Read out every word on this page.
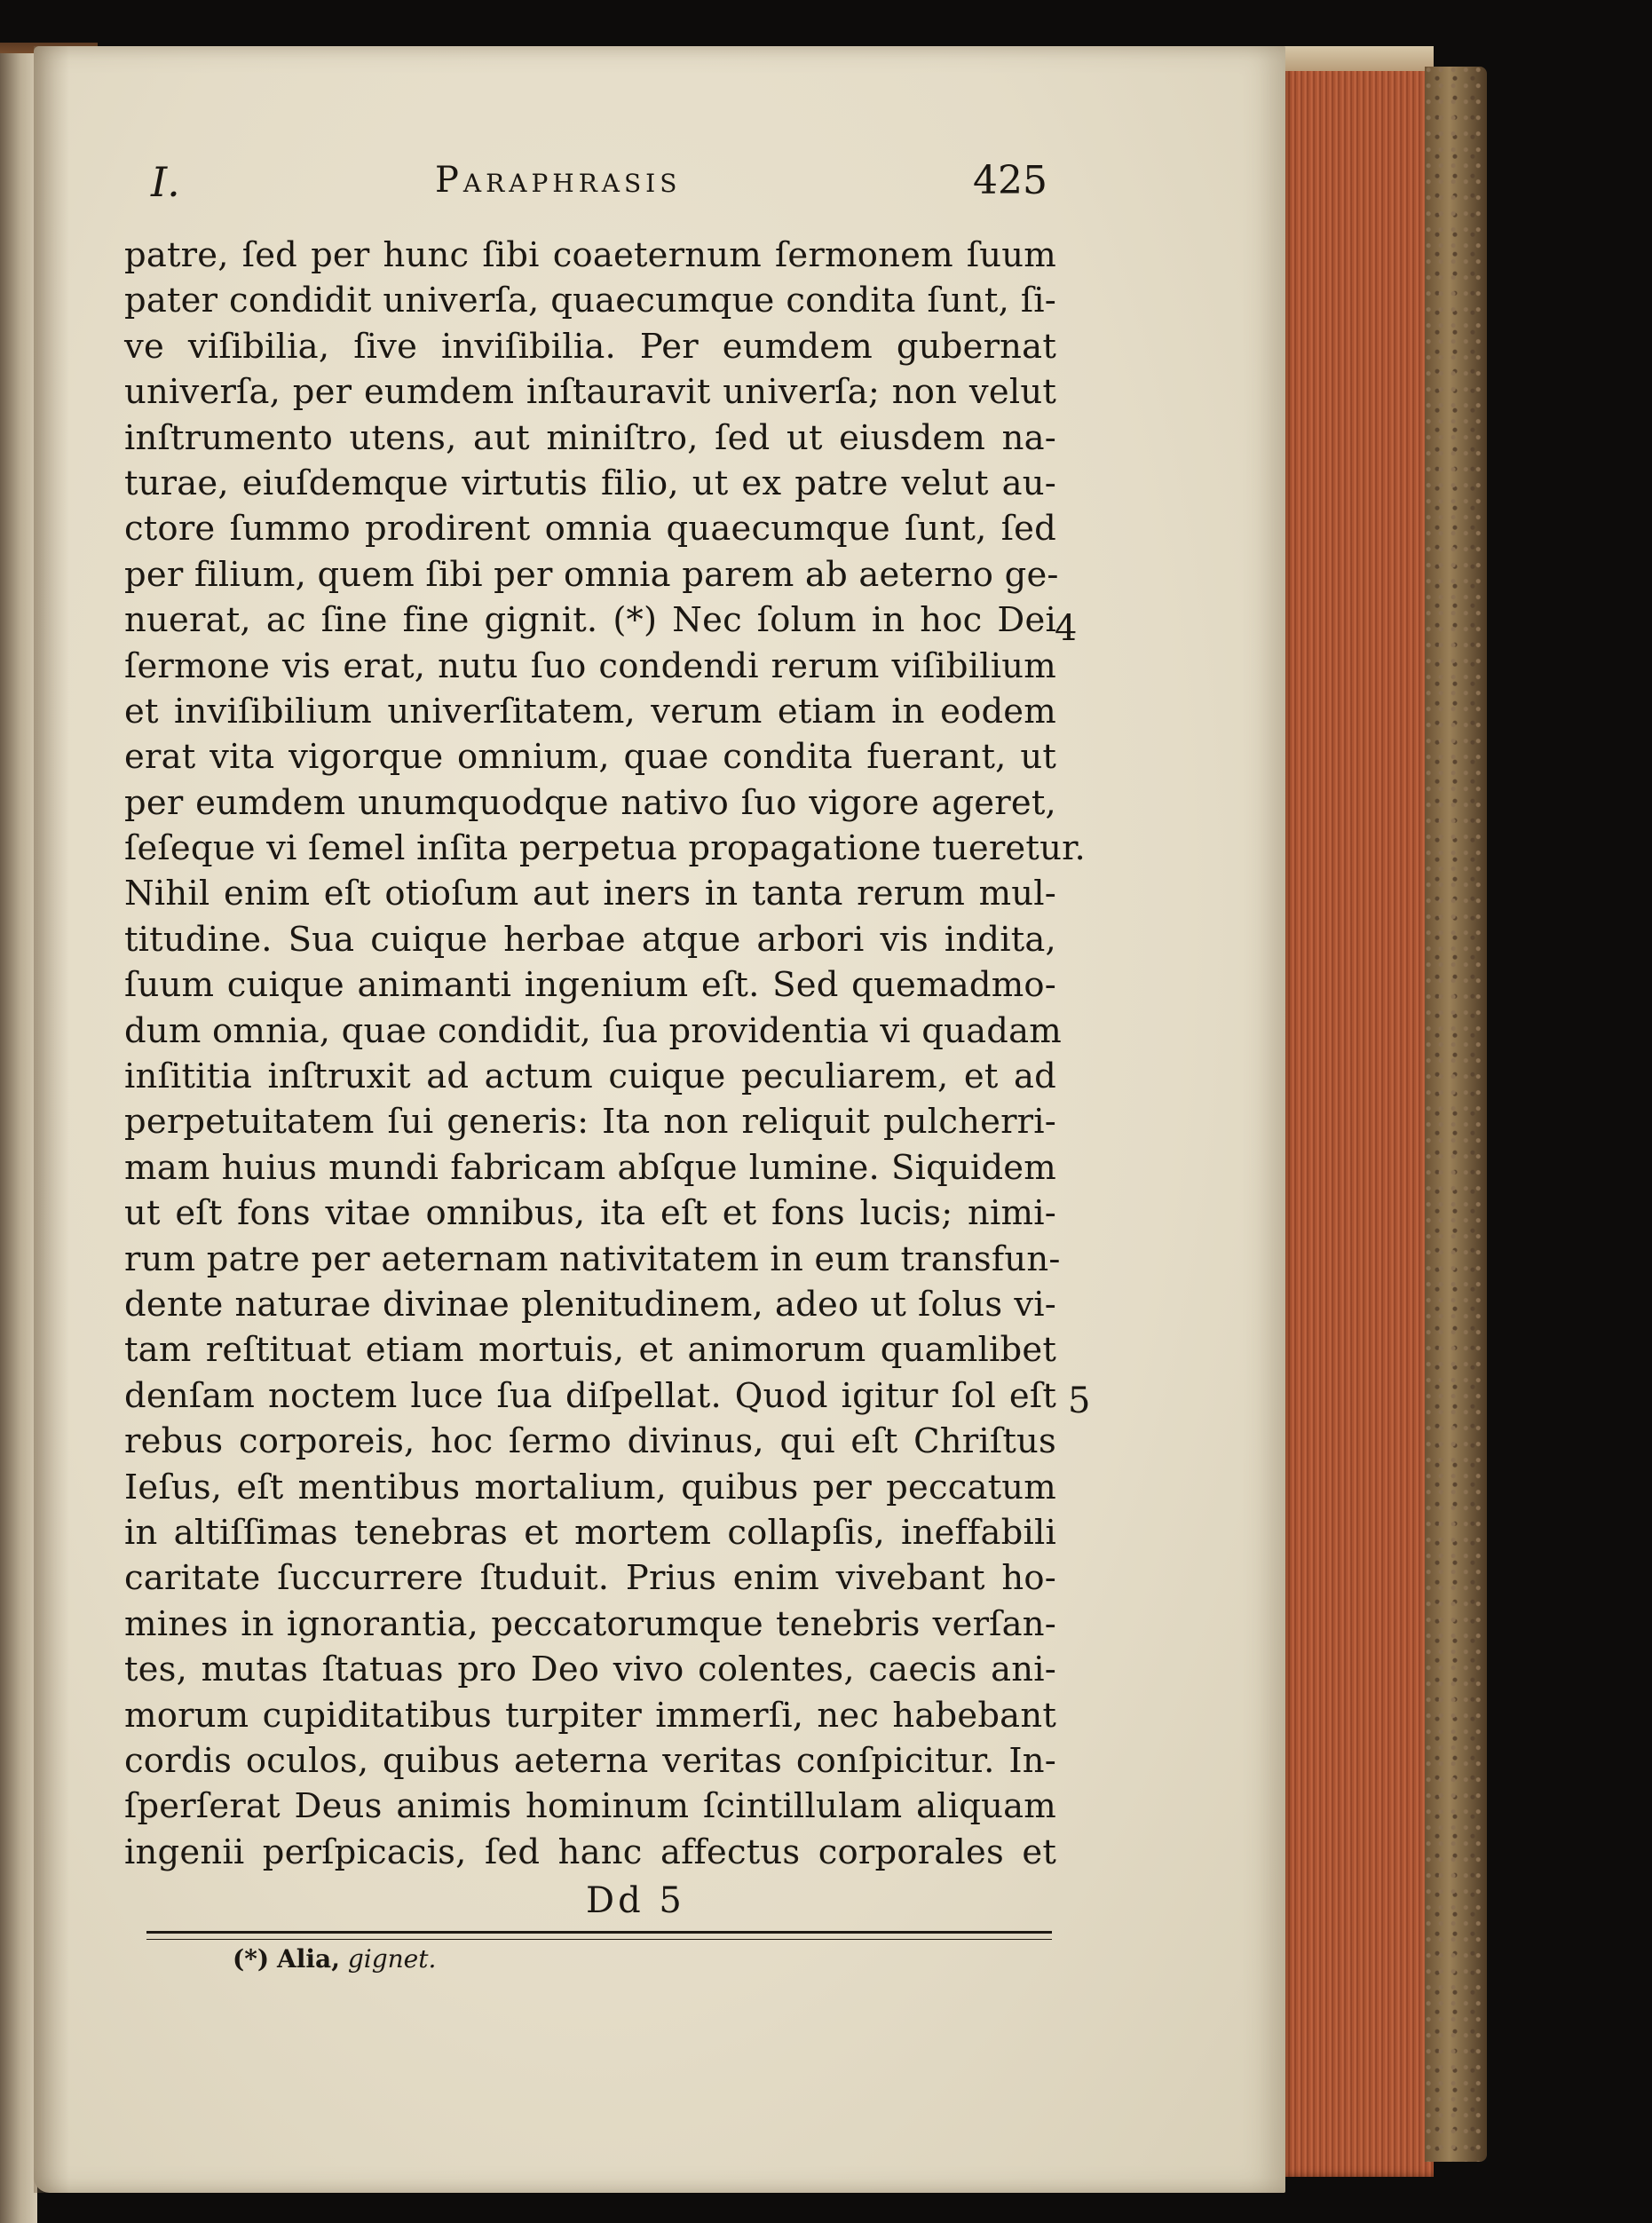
I.	Paraphrasis	425
patre, ſed per hunc ſibi coaeternum ſermonem ſuum
pater condidit univerſa, quaecumque condita ſunt, ſi-
ve viſibilia, ſive inviſibilia. Per eumdem gubernat
univerſa, per eumdem inſtauravit univerſa; non velut
inſtrumento utens, aut miniſtro, ſed ut eiusdem na-
turae, eiuſdemque virtutis filio, ut ex patre velut au-
ctore ſummo prodirent omnia quaecumque ſunt, ſed
per filium, quem ſibi per omnia parem ab aeterno ge-
nuerat, ac ſine fine gignit. (*) Nec ſolum in hoc Dei
ſermone vis erat, nutu ſuo condendi rerum viſibilium
et inviſibilium univerſitatem, verum etiam in eodem
erat vita vigorque omnium, quae condita fuerant, ut
per eumdem unumquodque nativo ſuo vigore ageret,
ſeſeque vi ſemel inſita perpetua propagatione tueretur.
Nihil enim eſt otioſum aut iners in tanta rerum mul-
titudine. Sua cuique herbae atque arbori vis indita,
ſuum cuique animanti ingenium eſt. Sed quemadmo-
dum omnia, quae condidit, ſua providentia vi quadam
inſititia inſtruxit ad actum cuique peculiarem, et ad
perpetuitatem ſui generis: Ita non reliquit pulcherri-
mam huius mundi fabricam abſque lumine. Siquidem
ut eſt fons vitae omnibus, ita eſt et fons lucis; nimi-
rum patre per aeternam nativitatem in eum transfun-
dente naturae divinae plenitudinem, adeo ut ſolus vi-
tam reſtituat etiam mortuis, et animorum quamlibet
denſam noctem luce ſua diſpellat. Quod igitur ſol eſt
rebus corporeis, hoc ſermo divinus, qui eſt Chriſtus
Ieſus, eſt mentibus mortalium, quibus per peccatum
in altiſſimas tenebras et mortem collapſis, ineffabili
caritate ſuccurrere ſtuduit. Prius enim vivebant ho-
mines in ignorantia, peccatorumque tenebris verſan-
tes, mutas ſtatuas pro Deo vivo colentes, caecis ani-
morum cupiditatibus turpiter immerſi, nec habebant
cordis oculos, quibus aeterna veritas conſpicitur. In-
ſperſerat Deus animis hominum ſcintillulam aliquam
ingenii perſpicacis, ſed hanc affectus corporales et
4
5
Dd 5
(*) Alia, gignet.
